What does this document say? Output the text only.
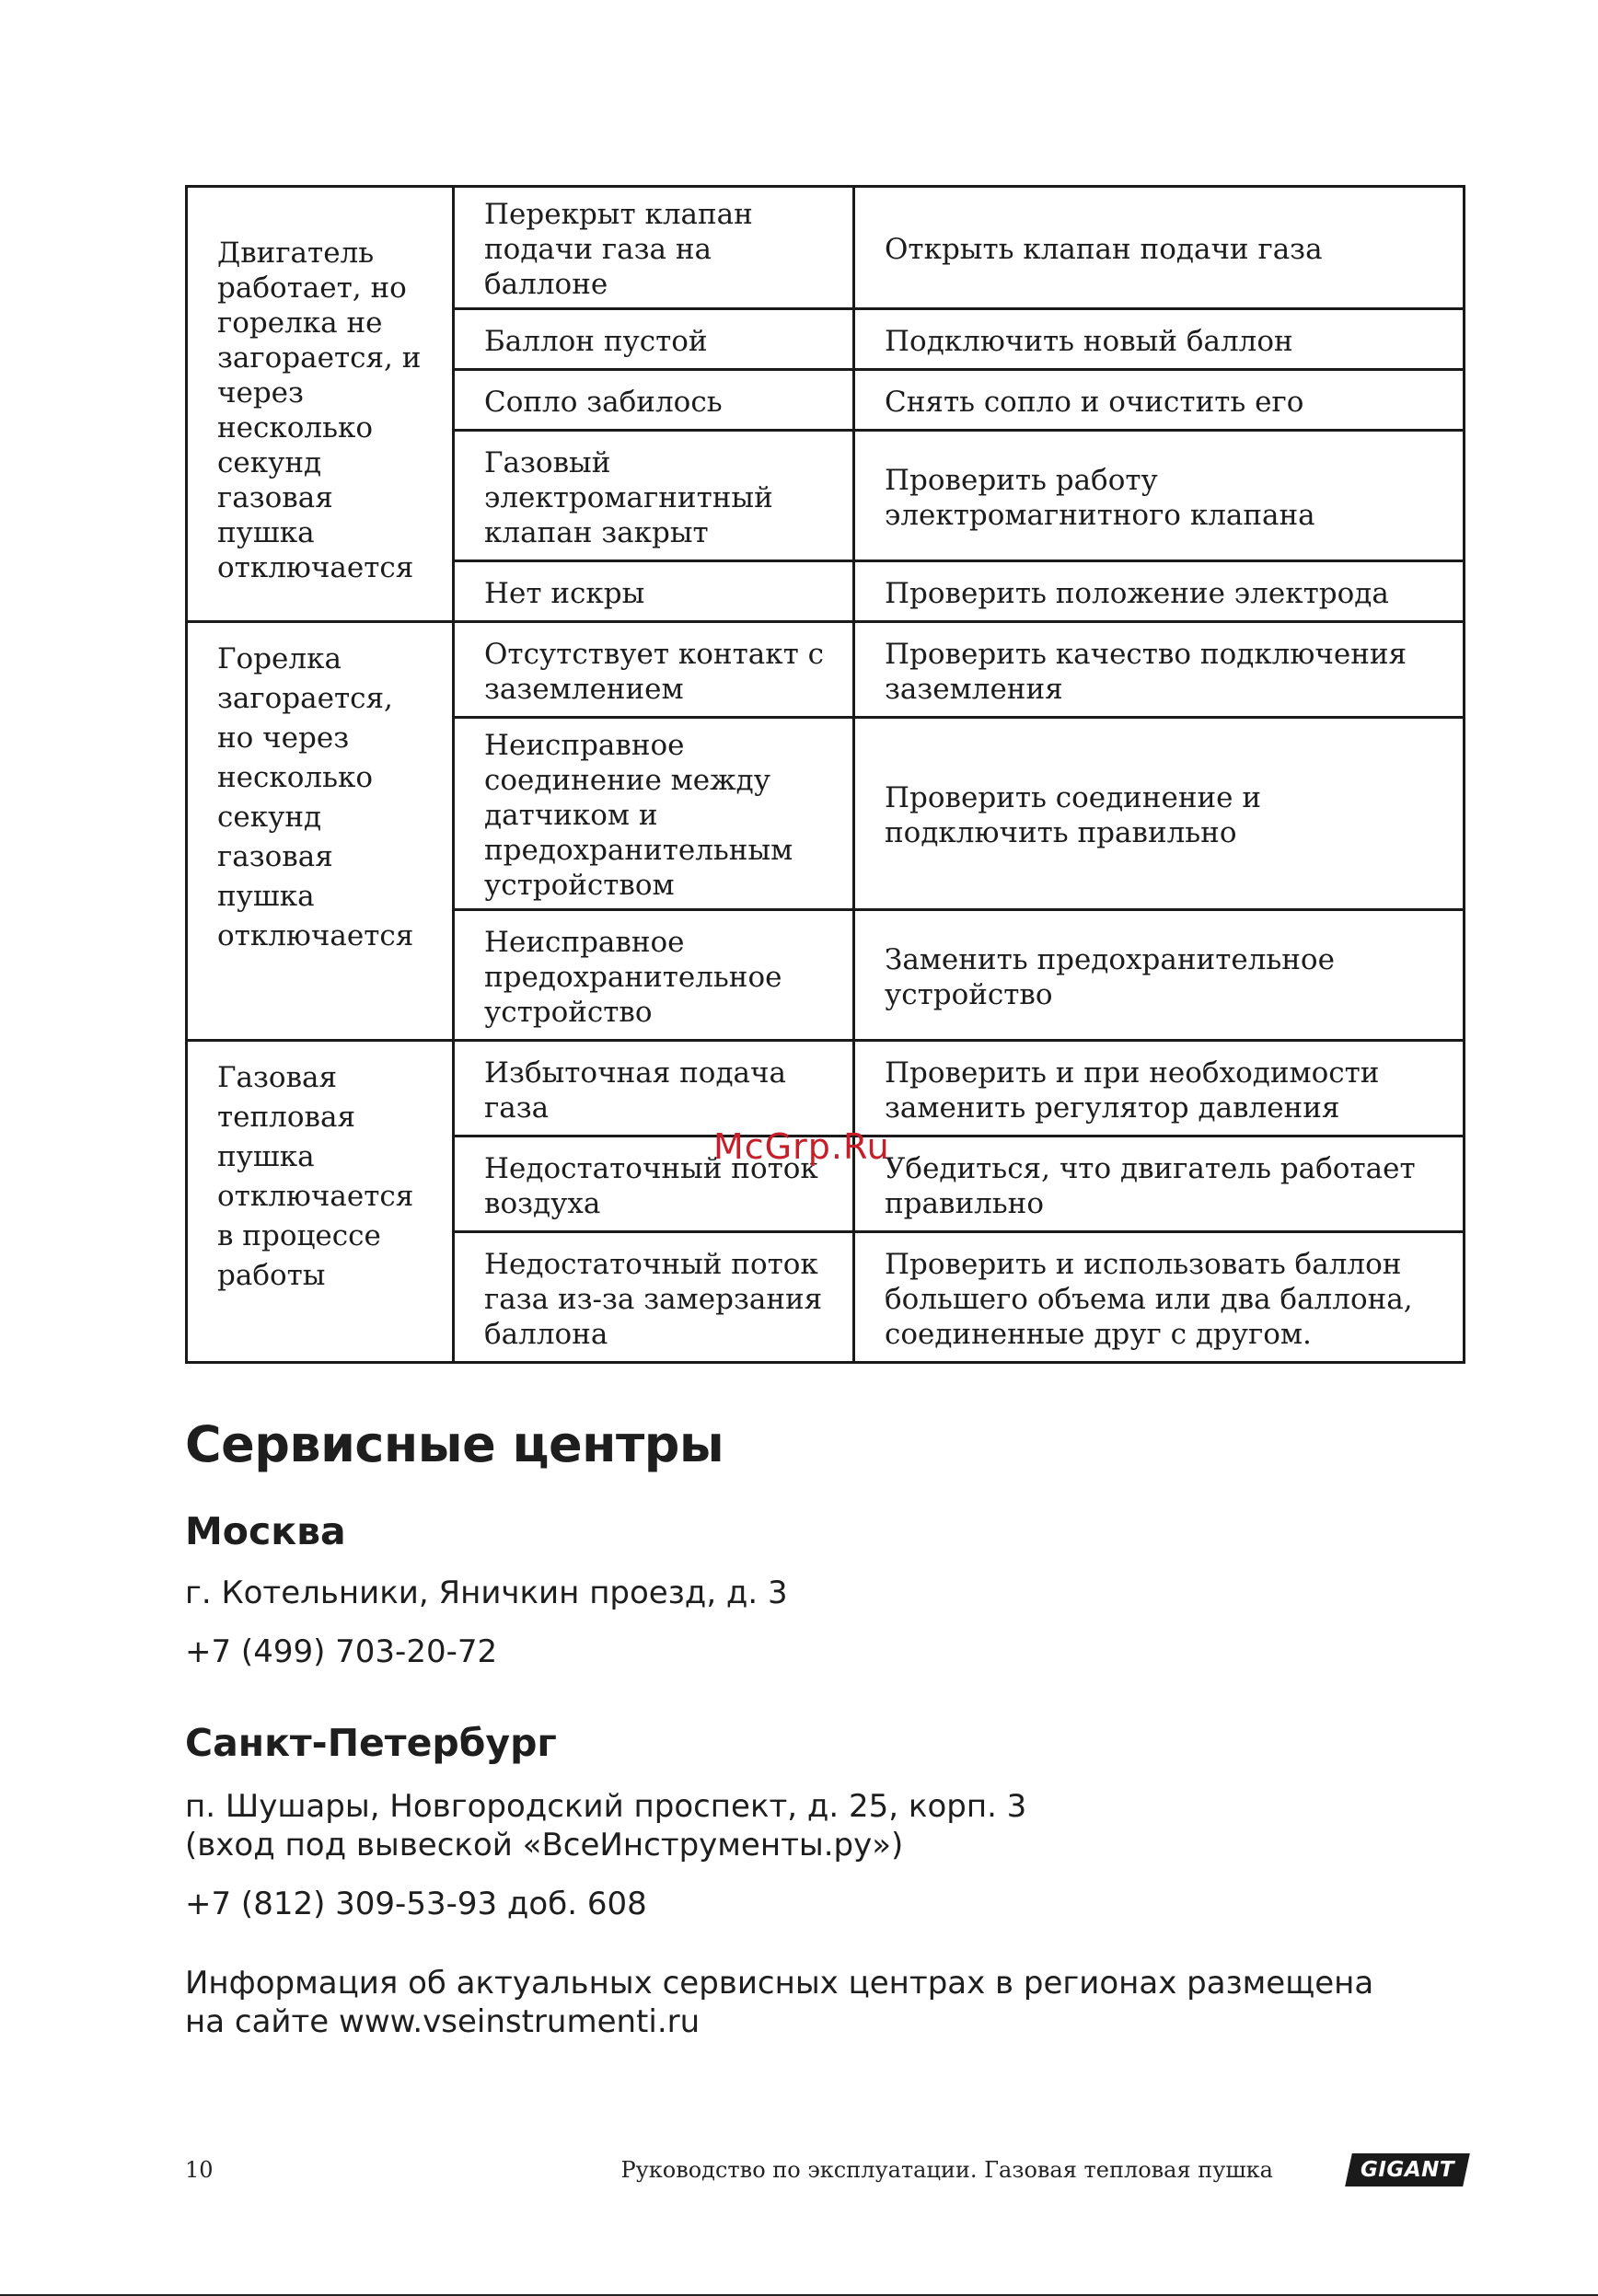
Двигатель работает, но горелка не загорается, и через несколько секунд газовая пушка отключается	Перекрыт клапан подачи газа на баллоне	Открыть клапан подачи газа
	Баллон пустой	Подключить новый баллон
	Сопло забилось	Снять сопло и очистить его
	Газовый электромагнитный клапан закрыт	Проверить работу электромагнитного клапана
	Нет искры	Проверить положение электрода
Горелка загорается, но через несколько секунд газовая пушка отключается	Отсутствует контакт с заземлением	Проверить качество подключения заземления
	Неисправное соединение между датчиком и предохранительным устройством	Проверить соединение и подключить правильно
	Неисправное предохранительное устройство	Заменить предохранительное устройство
Газовая тепловая пушка отключается в процессе работы	Избыточная подача газа	Проверить и при необходимости заменить регулятор давления
	Недостаточный поток воздуха	Убедиться, что двигатель работает правильно
	Недостаточный поток газа из-за замерзания баллона	Проверить и использовать баллон большего объема или два баллона, соединенные друг с другом.
McGrp.Ru
Сервисные центры
Москва

г. Котельники, Яничкин проезд, д. 3

+7 (499) 703-20-72

Санкт-Петербург
п. Шушары, Новгородский проспект, д. 25, корп. 3
(вход под вывеской «ВсеИнструменты.ру»)

+7 (812) 309-53-93 доб. 608

Информация об актуальных сервисных центрах в регионах размещена
на сайте www.vseinstrumenti.ru
10	Руководство по эксплуатации. Газовая тепловая пушка	GIGANT
